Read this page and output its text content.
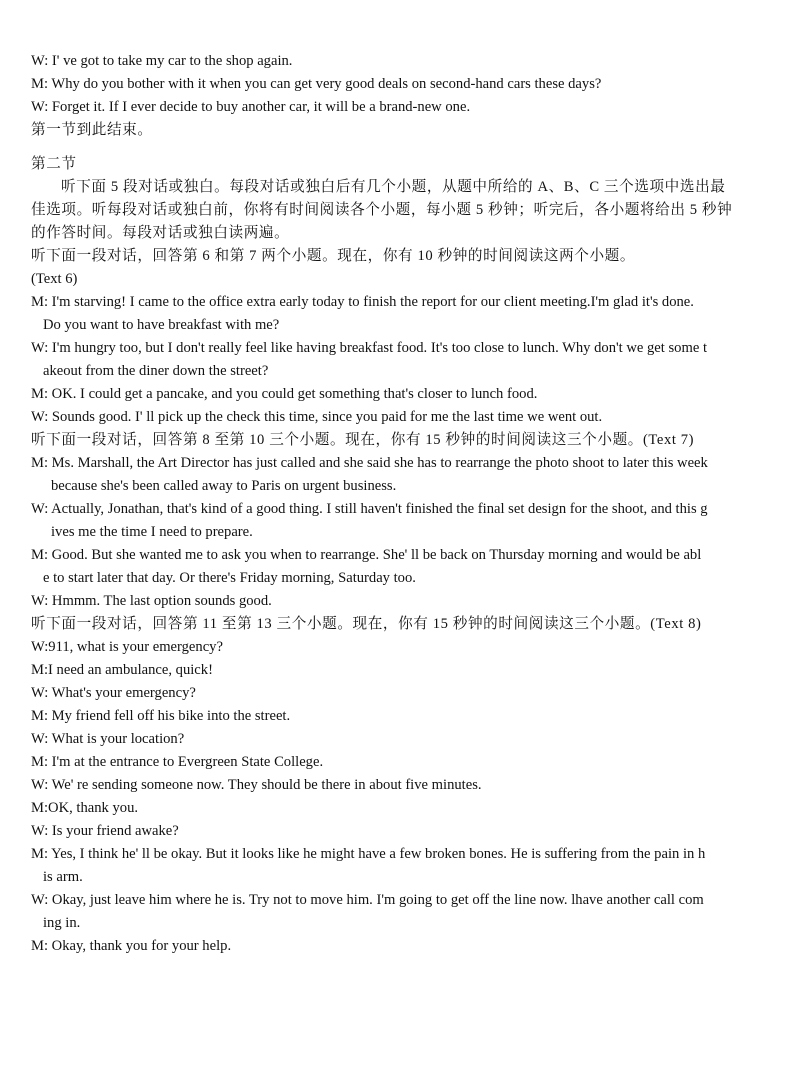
W: I' ve got to take my car to the shop again.

M: Why do you bother with it when you can get very good deals on second-hand cars these days?

W: Forget it. If I ever decide to buy another car, it will be a brand-new one.

第一节到此结束。

第二节

听下面 5 段对话或独白。每段对话或独白后有几个小题，从题中所给的 A、B、C 三个选项中选出最

佳选项。听每段对话或独白前，你将有时间阅读各个小题，每小题 5 秒钟；听完后，各小题将给出 5 秒钟

的作答时间。每段对话或独白读两遍。

听下面一段对话，回答第 6 和第 7 两个小题。现在，你有 10 秒钟的时间阅读这两个小题。

(Text 6)

M: I'm starving! I came to the office extra early today to finish the report for our client meeting.I'm glad it's done.

Do you want to have breakfast with me?

W: I'm hungry too, but I don't really feel like having breakfast food. It's too close to lunch. Why don't we get some t

akeout from the diner down the street?

M: OK. I could get a pancake, and you could get something that's closer to lunch food.

W: Sounds good. I' ll pick up the check this time, since you paid for me the last time we went out.

听下面一段对话，回答第 8 至第 10 三个小题。现在，你有 15 秒钟的时间阅读这三个小题。(Text 7)

M: Ms. Marshall, the Art Director has just called and she said she has to rearrange the photo shoot to later this week

because she's been called away to Paris on urgent business.

W: Actually, Jonathan, that's kind of a good thing. I still haven't finished the final set design for the shoot, and this g

ives me the time I need to prepare.

M: Good. But she wanted me to ask you when to rearrange. She' ll be back on Thursday morning and would be abl

e to start later that day. Or there's Friday morning, Saturday too.

W: Hmmm. The last option sounds good.

听下面一段对话，回答第 11 至第 13 三个小题。现在，你有 15 秒钟的时间阅读这三个小题。(Text 8)

W:911, what is your emergency?

M:I need an ambulance, quick!

W: What's your emergency?

M: My friend fell off his bike into the street.

W: What is your location?

M: I'm at the entrance to Evergreen State College.

W: We' re sending someone now. They should be there in about five minutes.

M:OK, thank you.

W: Is your friend awake?

M: Yes, I think he' ll be okay. But it looks like he might have a few broken bones. He is suffering from the pain in h

is arm.

W: Okay, just leave him where he is. Try not to move him. I'm going to get off the line now. lhave another call com

ing in.

M: Okay, thank you for your help.
